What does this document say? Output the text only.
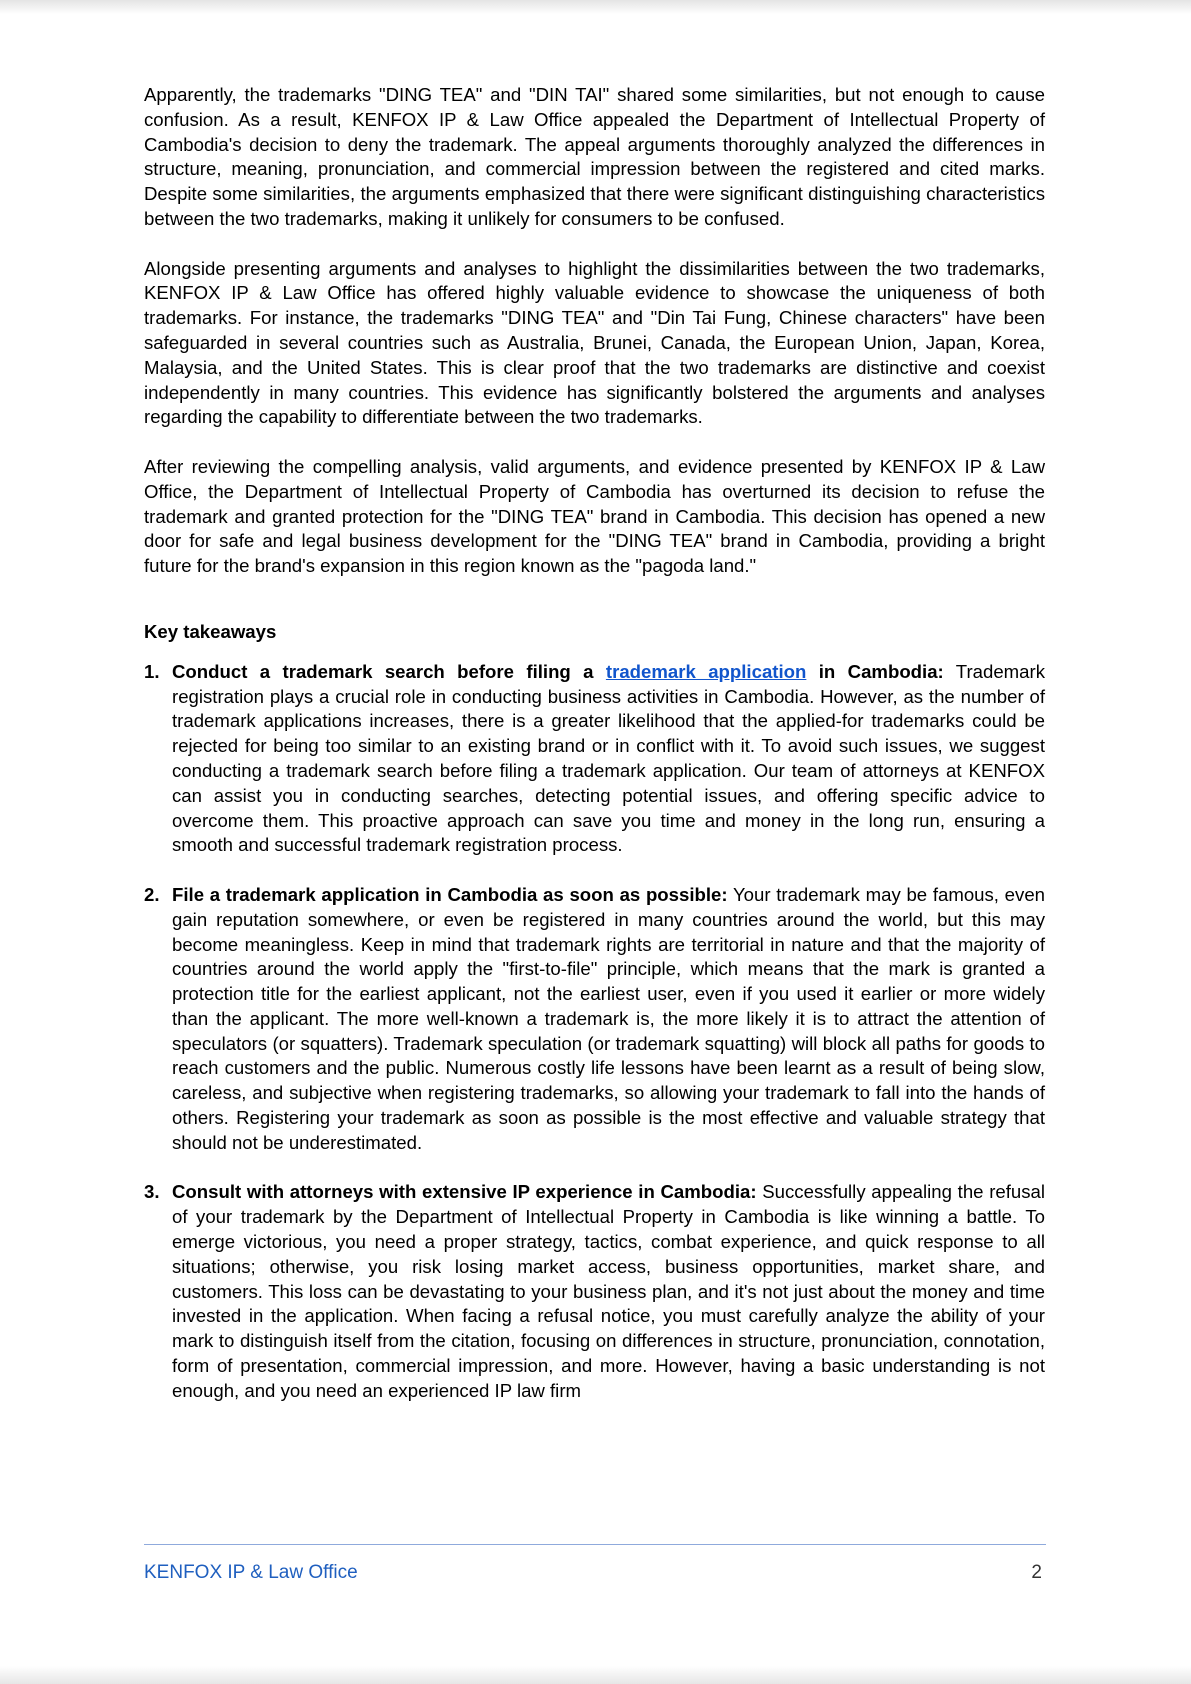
Apparently, the trademarks "DING TEA" and "DIN TAI" shared some similarities, but not enough to cause confusion. As a result, KENFOX IP & Law Office appealed the Department of Intellectual Property of Cambodia's decision to deny the trademark. The appeal arguments thoroughly analyzed the differences in structure, meaning, pronunciation, and commercial impression between the registered and cited marks. Despite some similarities, the arguments emphasized that there were significant distinguishing characteristics between the two trademarks, making it unlikely for consumers to be confused.

Alongside presenting arguments and analyses to highlight the dissimilarities between the two trademarks, KENFOX IP & Law Office has offered highly valuable evidence to showcase the uniqueness of both trademarks. For instance, the trademarks "DING TEA" and "Din Tai Fung, Chinese characters" have been safeguarded in several countries such as Australia, Brunei, Canada, the European Union, Japan, Korea, Malaysia, and the United States. This is clear proof that the two trademarks are distinctive and coexist independently in many countries. This evidence has significantly bolstered the arguments and analyses regarding the capability to differentiate between the two trademarks.

After reviewing the compelling analysis, valid arguments, and evidence presented by KENFOX IP & Law Office, the Department of Intellectual Property of Cambodia has overturned its decision to refuse the trademark and granted protection for the "DING TEA" brand in Cambodia. This decision has opened a new door for safe and legal business development for the "DING TEA" brand in Cambodia, providing a bright future for the brand's expansion in this region known as the "pagoda land."

Key takeaways
1. Conduct a trademark search before filing a trademark application in Cambodia: Trademark registration plays a crucial role in conducting business activities in Cambodia. However, as the number of trademark applications increases, there is a greater likelihood that the applied-for trademarks could be rejected for being too similar to an existing brand or in conflict with it. To avoid such issues, we suggest conducting a trademark search before filing a trademark application. Our team of attorneys at KENFOX can assist you in conducting searches, detecting potential issues, and offering specific advice to overcome them. This proactive approach can save you time and money in the long run, ensuring a smooth and successful trademark registration process.
2. File a trademark application in Cambodia as soon as possible: Your trademark may be famous, even gain reputation somewhere, or even be registered in many countries around the world, but this may become meaningless. Keep in mind that trademark rights are territorial in nature and that the majority of countries around the world apply the "first-to-file" principle, which means that the mark is granted a protection title for the earliest applicant, not the earliest user, even if you used it earlier or more widely than the applicant. The more well-known a trademark is, the more likely it is to attract the attention of speculators (or squatters). Trademark speculation (or trademark squatting) will block all paths for goods to reach customers and the public. Numerous costly life lessons have been learnt as a result of being slow, careless, and subjective when registering trademarks, so allowing your trademark to fall into the hands of others. Registering your trademark as soon as possible is the most effective and valuable strategy that should not be underestimated.
3. Consult with attorneys with extensive IP experience in Cambodia: Successfully appealing the refusal of your trademark by the Department of Intellectual Property in Cambodia is like winning a battle. To emerge victorious, you need a proper strategy, tactics, combat experience, and quick response to all situations; otherwise, you risk losing market access, business opportunities, market share, and customers. This loss can be devastating to your business plan, and it's not just about the money and time invested in the application. When facing a refusal notice, you must carefully analyze the ability of your mark to distinguish itself from the citation, focusing on differences in structure, pronunciation, connotation, form of presentation, commercial impression, and more. However, having a basic understanding is not enough, and you need an experienced IP law firm
KENFOX IP & Law Office	2
